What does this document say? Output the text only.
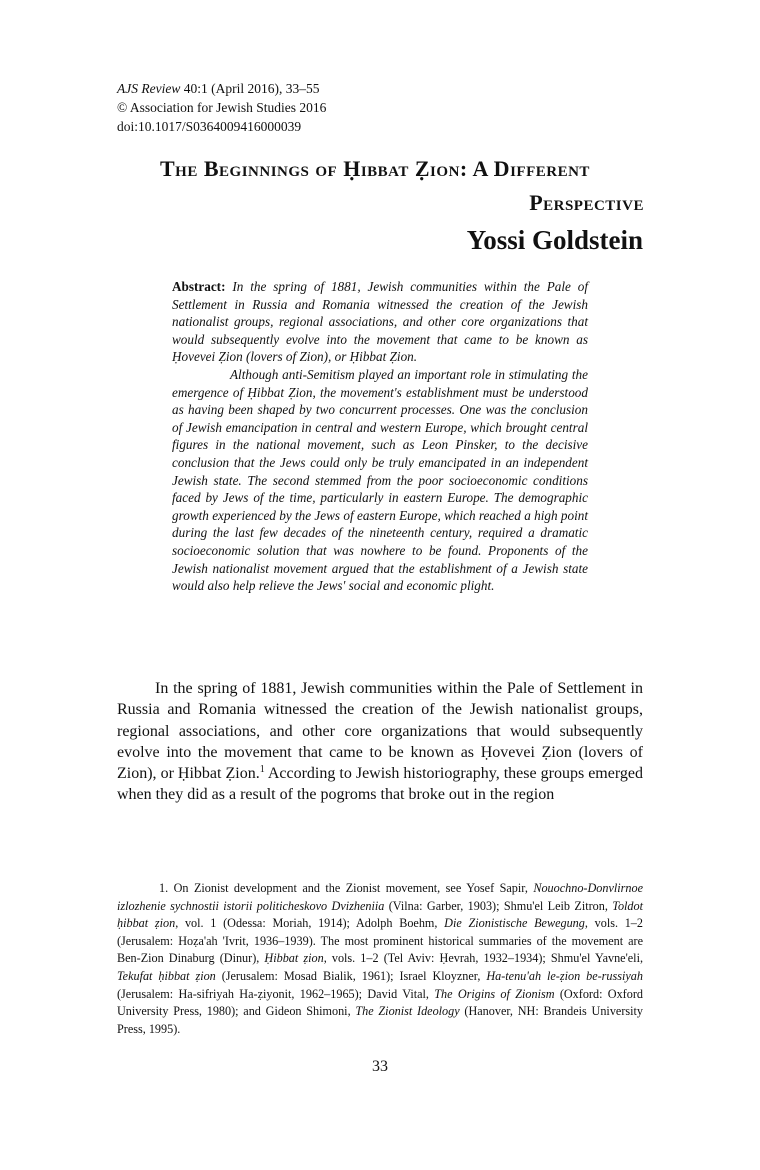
AJS Review 40:1 (April 2016), 33–55
© Association for Jewish Studies 2016
doi:10.1017/S0364009416000039
The Beginnings of Ḥibbat Ẓion: A Different
Perspective
Yossi Goldstein

Abstract: In the spring of 1881, Jewish communities within the Pale of Settlement in Russia and Romania witnessed the creation of the Jewish nationalist groups, regional associations, and other core organizations that would subsequently evolve into the movement that came to be known as Ḥovevei Ẓion (lovers of Zion), or Ḥibbat Ẓion.

Although anti-Semitism played an important role in stimulating the emergence of Ḥibbat Ẓion, the movement's establishment must be understood as having been shaped by two concurrent processes. One was the conclusion of Jewish emancipation in central and western Europe, which brought central figures in the national movement, such as Leon Pinsker, to the decisive conclusion that the Jews could only be truly emancipated in an independent Jewish state. The second stemmed from the poor socioeconomic conditions faced by Jews of the time, particularly in eastern Europe. The demographic growth experienced by the Jews of eastern Europe, which reached a high point during the last few decades of the nineteenth century, required a dramatic socioeconomic solution that was nowhere to be found. Proponents of the Jewish nationalist movement argued that the establishment of a Jewish state would also help relieve the Jews' social and economic plight.

In the spring of 1881, Jewish communities within the Pale of Settlement in Russia and Romania witnessed the creation of the Jewish nationalist groups, regional associations, and other core organizations that would subsequently evolve into the movement that came to be known as Ḥovevei Ẓion (lovers of Zion), or Ḥibbat Ẓion.$^1$ According to Jewish historiography, these groups emerged when they did as a result of the pogroms that broke out in the region

1. On Zionist development and the Zionist movement, see Yosef Sapir, Nouochno-Donvlirnoe izlozhenie sychnostii istorii politicheskovo Dvizheniia (Vilna: Garber, 1903); Shmu'el Leib Zitron, Toldot ḥibbat ẓion, vol. 1 (Odessa: Moriah, 1914); Adolph Boehm, Die Zionistische Bewegung, vols. 1–2 (Jerusalem: Hoẓa'ah 'Ivrit, 1936–1939). The most prominent historical summaries of the movement are Ben-Zion Dinaburg (Dinur), Ḥibbat ẓion, vols. 1–2 (Tel Aviv: Ḥevrah, 1932–1934); Shmu'el Yavne'eli, Tekufat ḥibbat ẓion (Jerusalem: Mosad Bialik, 1961); Israel Kloyzner, Ha-tenu'ah le-ẓion be-russiyah (Jerusalem: Ha-sifriyah Ha-ẓiyonit, 1962–1965); David Vital, The Origins of Zionism (Oxford: Oxford University Press, 1980); and Gideon Shimoni, The Zionist Ideology (Hanover, NH: Brandeis University Press, 1995).

33
